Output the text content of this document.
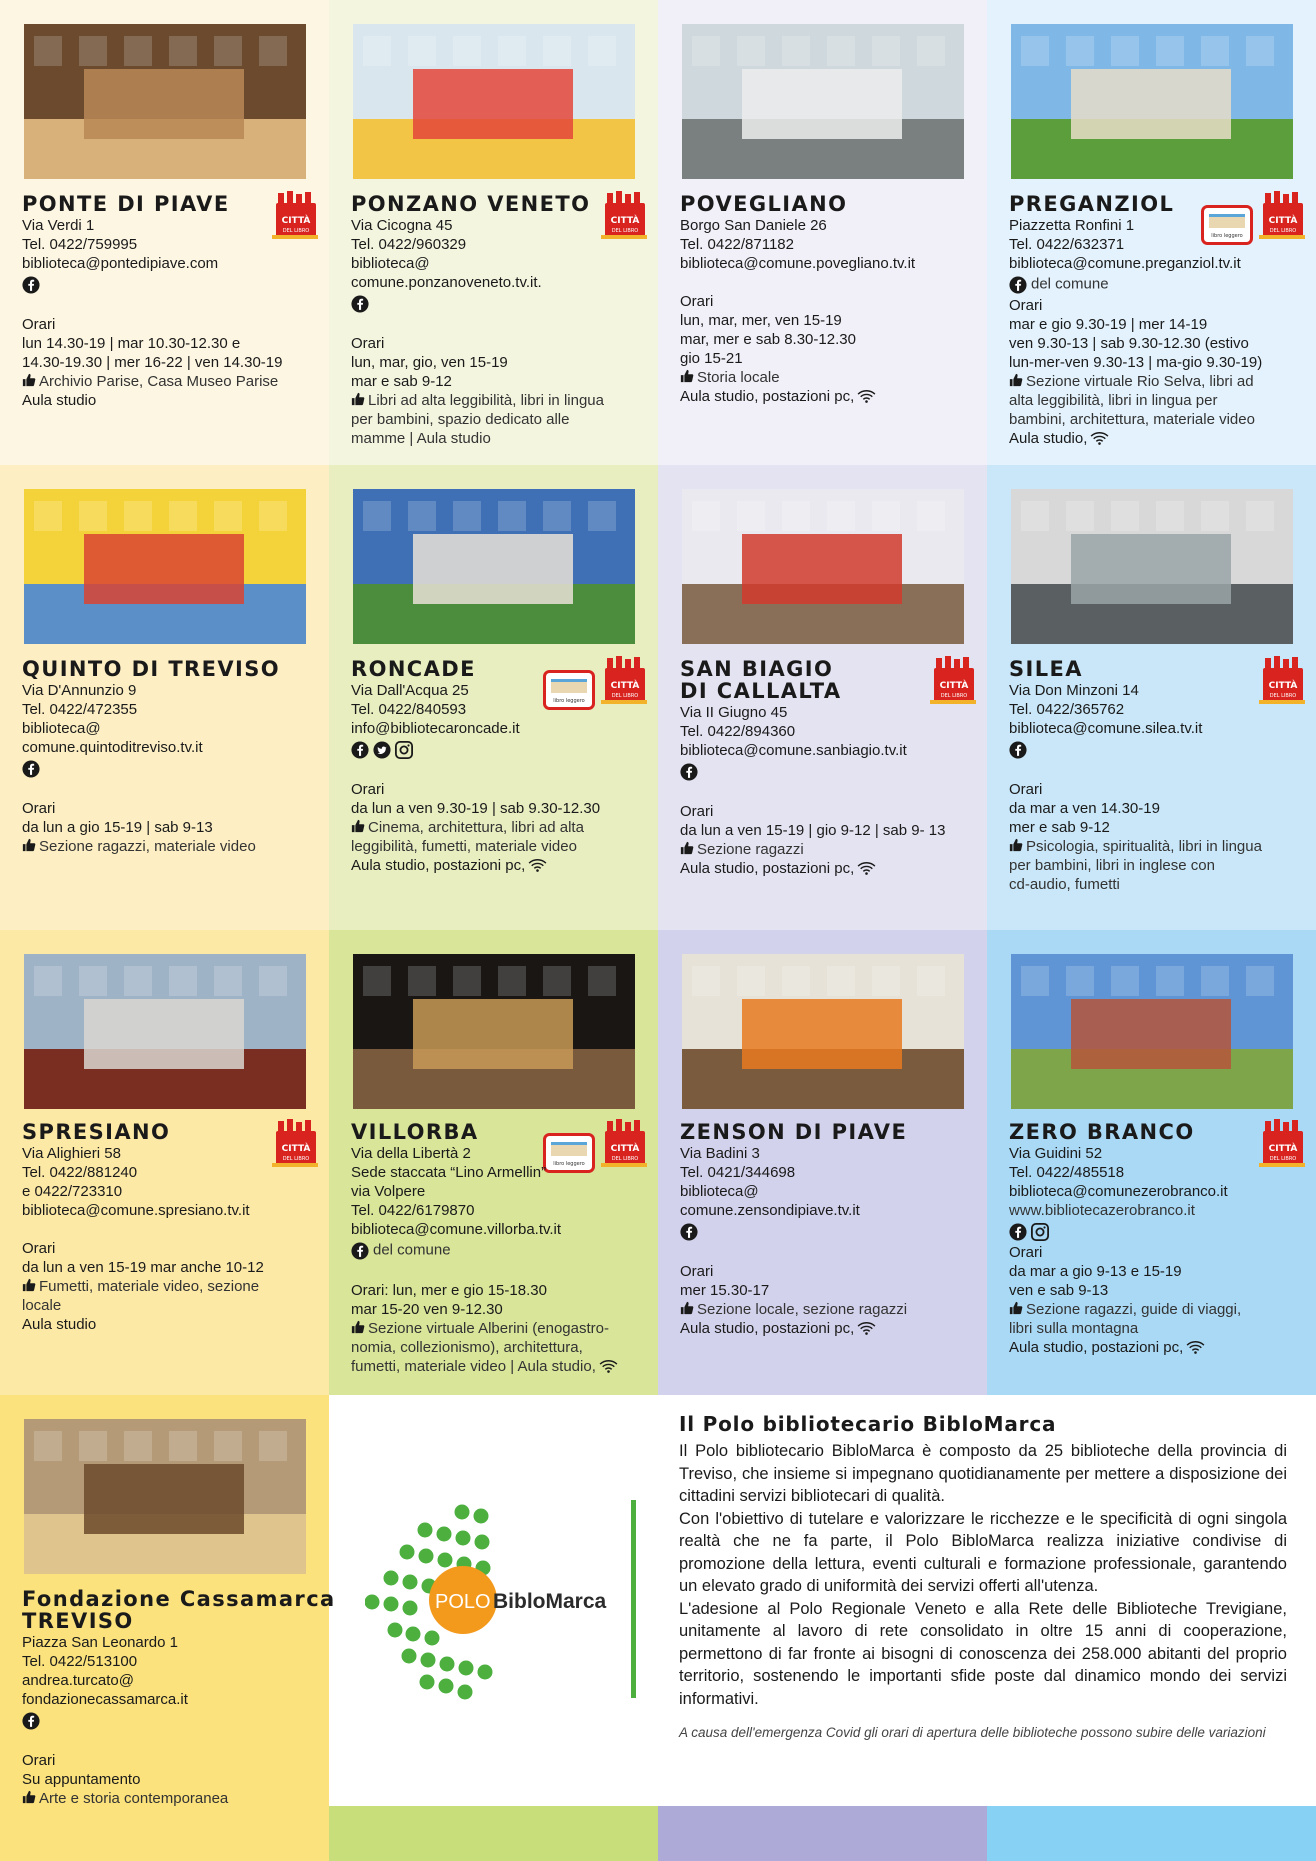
PONTE DI PIAVE
CITTÀ
DEL LIBRO
Via Verdi 1
Tel. 0422/759995
biblioteca@pontedipiave.com
Orari
lun 14.30-19 | mar 10.30-12.30 e
14.30-19.30 | mer 16-22 | ven 14.30-19
Archivio Parise, Casa Museo Parise
Aula studio
PONZANO VENETO
CITTÀ
DEL LIBRO
Via Cicogna 45
Tel. 0422/960329
biblioteca@
comune.ponzanoveneto.tv.it.
Orari
lun, mar, gio, ven 15-19
mar e sab 9-12
Libri ad alta leggibilità, libri in lingua
per bambini, spazio dedicato alle
mamme | Aula studio
POVEGLIANO
Borgo San Daniele 26
Tel. 0422/871182
biblioteca@comune.povegliano.tv.it
Orari
lun, mar, mer, ven 15-19
mar, mer e sab 8.30-12.30
gio 15-21
Storia locale
Aula studio, postazioni pc,
PREGANZIOL
CITTÀ
DEL LIBRO
libro leggero
Piazzetta Ronfini 1
Tel. 0422/632371
biblioteca@comune.preganziol.tv.it
del comune
Orari
mar e gio 9.30-19 | mer 14-19
ven 9.30-13 | sab 9.30-12.30 (estivo
lun-mer-ven 9.30-13 | ma-gio 9.30-19)
Sezione virtuale Rio Selva, libri ad
alta leggibilità, libri in lingua per
bambini, architettura, materiale video
Aula studio,
QUINTO DI TREVISO
Via D'Annunzio 9
Tel. 0422/472355
biblioteca@
comune.quintoditreviso.tv.it
Orari
da lun a gio 15-19 | sab 9-13
Sezione ragazzi, materiale video
RONCADE
CITTÀ
DEL LIBRO
libro leggero
Via Dall'Acqua 25
Tel. 0422/840593
info@bibliotecaroncade.it
Orari
da lun a ven 9.30-19 | sab 9.30-12.30
Cinema, architettura, libri ad alta
leggibilità, fumetti, materiale video
Aula studio, postazioni pc,
SAN BIAGIO
DI CALLALTA	CITTÀ
DEL LIBRO
Via II Giugno 45
Tel. 0422/894360
biblioteca@comune.sanbiagio.tv.it
Orari
da lun a ven 15-19 | gio 9-12 | sab 9- 13
Sezione ragazzi
Aula studio, postazioni pc,
SILEA
CITTÀ
DEL LIBRO
Via Don Minzoni 14
Tel. 0422/365762
biblioteca@comune.silea.tv.it
Orari
da mar a ven 14.30-19
mer e sab 9-12
Psicologia, spiritualità, libri in lingua
per bambini, libri in inglese con
cd-audio, fumetti
SPRESIANO
CITTÀ
DEL LIBRO
Via Alighieri 58
Tel. 0422/881240
e 0422/723310
biblioteca@comune.spresiano.tv.it
Orari
da lun a ven 15-19 mar anche 10-12
Fumetti, materiale video, sezione
locale
Aula studio
VILLORBA
CITTÀ
DEL LIBRO
libro leggero
Via della Libertà 2
Sede staccata “Lino Armellin”
via Volpere
Tel. 0422/6179870
biblioteca@comune.villorba.tv.it
del comune
Orari: lun, mer e gio 15-18.30
mar 15-20 ven 9-12.30
Sezione virtuale Alberini (enogastro-
nomia, collezionismo), architettura,
fumetti, materiale video | Aula studio,
ZENSON DI PIAVE
Via Badini 3
Tel. 0421/344698
biblioteca@
comune.zensondipiave.tv.it
Orari
mer 15.30-17
Sezione locale, sezione ragazzi
Aula studio, postazioni pc,
ZERO BRANCO
CITTÀ
DEL LIBRO
Via Guidini 52
Tel. 0422/485518
biblioteca@comunezerobranco.it
www.bibliotecazerobranco.it
Orari
da mar a gio 9-13 e 15-19
ven e sab 9-13
Sezione ragazzi, guide di viaggi,
libri sulla montagna
Aula studio, postazioni pc,
Fondazione Cassamarca
TREVISO
Piazza San Leonardo 1
Tel. 0422/513100
andrea.turcato@
fondazionecassamarca.it
Orari
Su appuntamento
Arte e storia contemporanea
POLO BibloMarca
Il Polo bibliotecario BibloMarca

Il Polo bibliotecario BibloMarca è composto da 25 biblioteche della provincia di Treviso, che insieme si impegnano quotidianamente per mettere a disposizione dei cittadini servizi bibliotecari di qualità.

Con l'obiettivo di tutelare e valorizzare le ricchezze e le specificità di ogni singola realtà che ne fa parte, il Polo BibloMarca realizza iniziative condivise di promozione della lettura, eventi culturali e formazione professionale, garantendo un elevato grado di uniformità dei servizi offerti all'utenza.

L'adesione al Polo Regionale Veneto e alla Rete delle Biblioteche Trevigiane, unitamente al lavoro di rete consolidato in oltre 15 anni di cooperazione, permettono di far fronte ai bisogni di conoscenza dei 258.000 abitanti del proprio territorio, sostenendo le importanti sfide poste dal dinamico mondo dei servizi informativi.

A causa dell'emergenza Covid gli orari di apertura delle biblioteche possono subire delle variazioni
